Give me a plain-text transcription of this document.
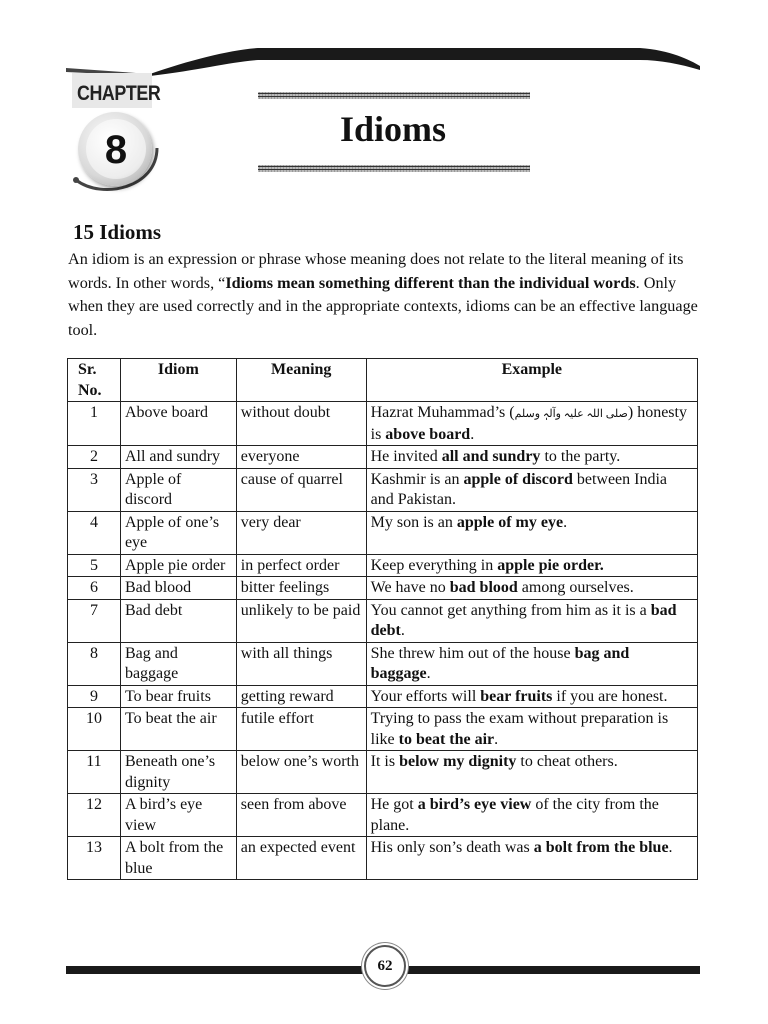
CHAPTER
8	Idioms
15 Idioms
An idiom is an expression or phrase whose meaning does not relate to the literal meaning of its words. In other words, “Idioms mean something different than the individual words. Only when they are used correctly and in the appropriate contexts, idioms can be an effective language tool.
Sr. No.	Idiom	Meaning	Example
1	Above board	without doubt	Hazrat Muhammad’s (صلی اللہ علیہ وآلہٖ وسلم) honesty is above board.
2	All and sundry	everyone	He invited all and sundry to the party.
3	Apple of discord	cause of quarrel	Kashmir is an apple of discord between India and Pakistan.
4	Apple of one’s eye	very dear	My son is an apple of my eye.
5	Apple pie order	in perfect order	Keep everything in apple pie order.
6	Bad blood	bitter feelings	We have no bad blood among ourselves.
7	Bad debt	unlikely to be paid	You cannot get anything from him as it is a bad debt.
8	Bag and baggage	with all things	She threw him out of the house bag and baggage.
9	To bear fruits	getting reward	Your efforts will bear fruits if you are honest.
10	To beat the air	futile effort	Trying to pass the exam without preparation is like to beat the air.
11	Beneath one’s dignity	below one’s worth	It is below my dignity to cheat others.
12	A bird’s eye view	seen from above	He got a bird’s eye view of the city from the plane.
13	A bolt from the blue	an expected event	His only son’s death was a bolt from the blue.
62
